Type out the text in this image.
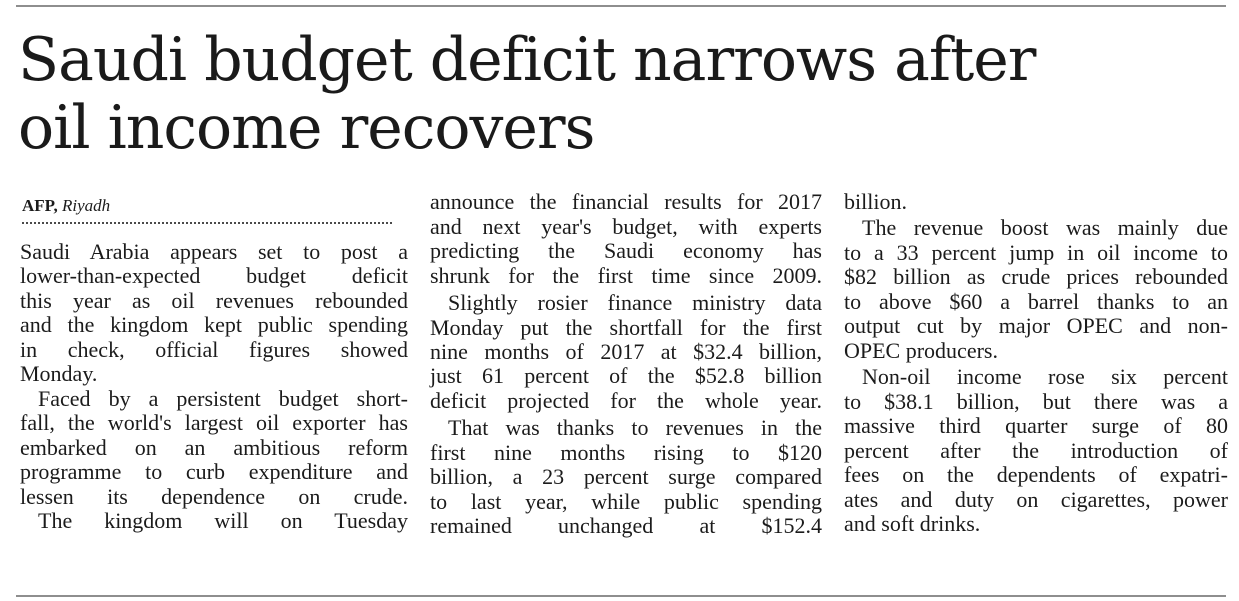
Saudi budget deficit narrows after
oil income recovers

AFP, Riyadh

Saudi Arabia appears set to post a
lower-than-expected budget deficit
this year as oil revenues rebounded
and the kingdom kept public spending
in check, official figures showed
Monday.
Faced by a persistent budget short-
fall, the world's largest oil exporter has
embarked on an ambitious reform
programme to curb expenditure and
lessen its dependence on crude.
The kingdom will on Tuesday
announce the financial results for 2017
and next year's budget, with experts
predicting the Saudi economy has
shrunk for the first time since 2009.
Slightly rosier finance ministry data
Monday put the shortfall for the first
nine months of 2017 at $32.4 billion,
just 61 percent of the $52.8 billion
deficit projected for the whole year.
That was thanks to revenues in the
first nine months rising to $120
billion, a 23 percent surge compared
to last year, while public spending
remained unchanged at $152.4
billion.
The revenue boost was mainly due
to a 33 percent jump in oil income to
$82 billion as crude prices rebounded
to above $60 a barrel thanks to an
output cut by major OPEC and non-
OPEC producers.
Non-oil income rose six percent
to $38.1 billion, but there was a
massive third quarter surge of 80
percent after the introduction of
fees on the dependents of expatri-
ates and duty on cigarettes, power
and soft drinks.
